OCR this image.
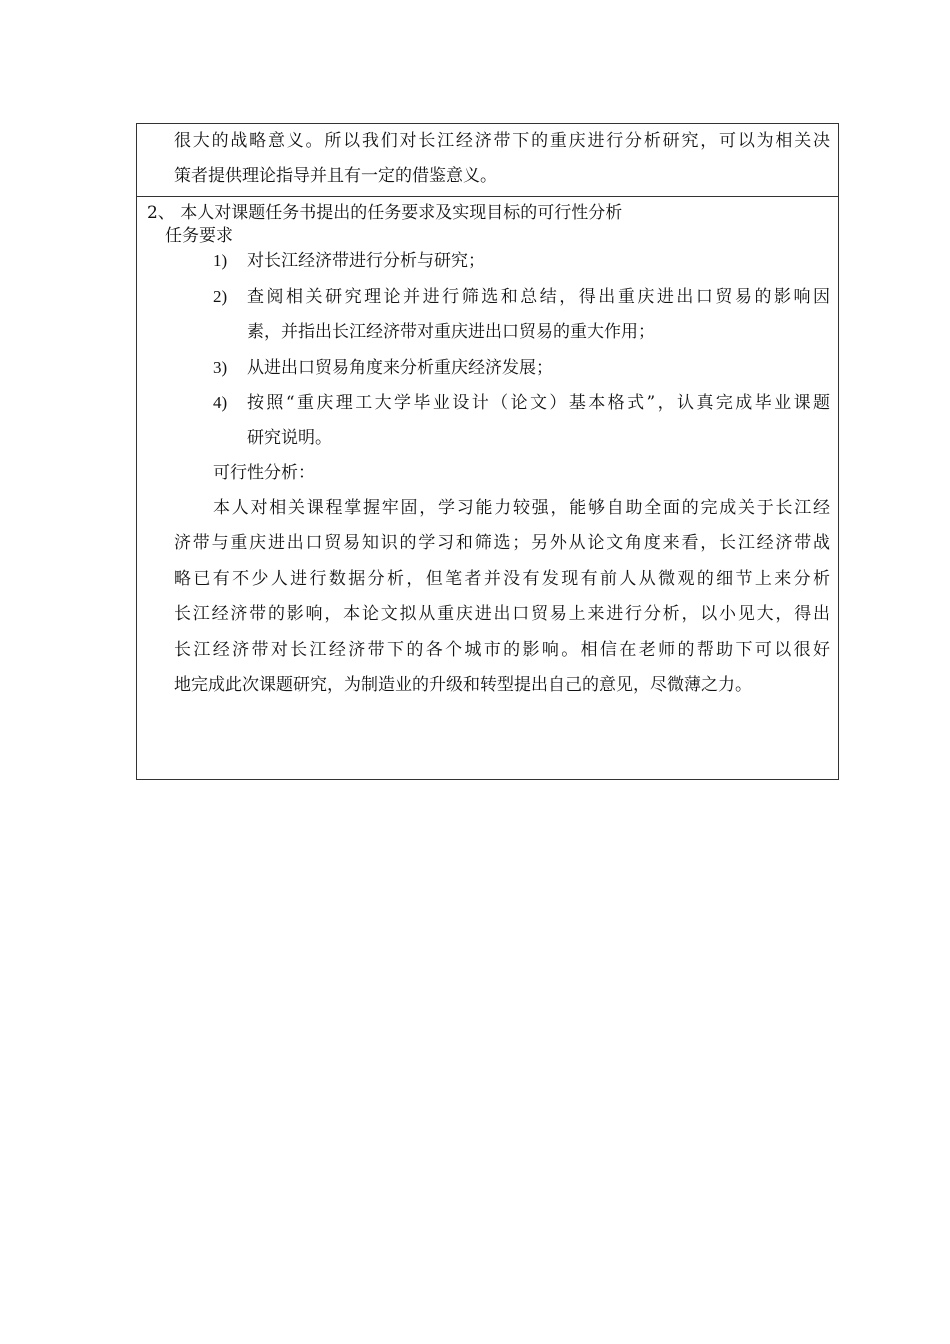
很大的战略意义。所以我们对长江经济带下的重庆进行分析研究，可以为相关决
策者提供理论指导并且有一定的借鉴意义。
2、 本人对课题任务书提出的任务要求及实现目标的可行性分析
任务要求
1) 对长江经济带进行分析与研究；
2) 查阅相关研究理论并进行筛选和总结，得出重庆进出口贸易的影响因
素，并指出长江经济带对重庆进出口贸易的重大作用；
3) 从进出口贸易角度来分析重庆经济发展；
4) 按照“重庆理工大学毕业设计（论文）基本格式”，认真完成毕业课题
研究说明。
可行性分析：
本人对相关课程掌握牢固，学习能力较强，能够自助全面的完成关于长江经
济带与重庆进出口贸易知识的学习和筛选；另外从论文角度来看，长江经济带战
略已有不少人进行数据分析，但笔者并没有发现有前人从微观的细节上来分析
长江经济带的影响，本论文拟从重庆进出口贸易上来进行分析，以小见大，得出
长江经济带对长江经济带下的各个城市的影响。相信在老师的帮助下可以很好
地完成此次课题研究，为制造业的升级和转型提出自己的意见，尽微薄之力。
